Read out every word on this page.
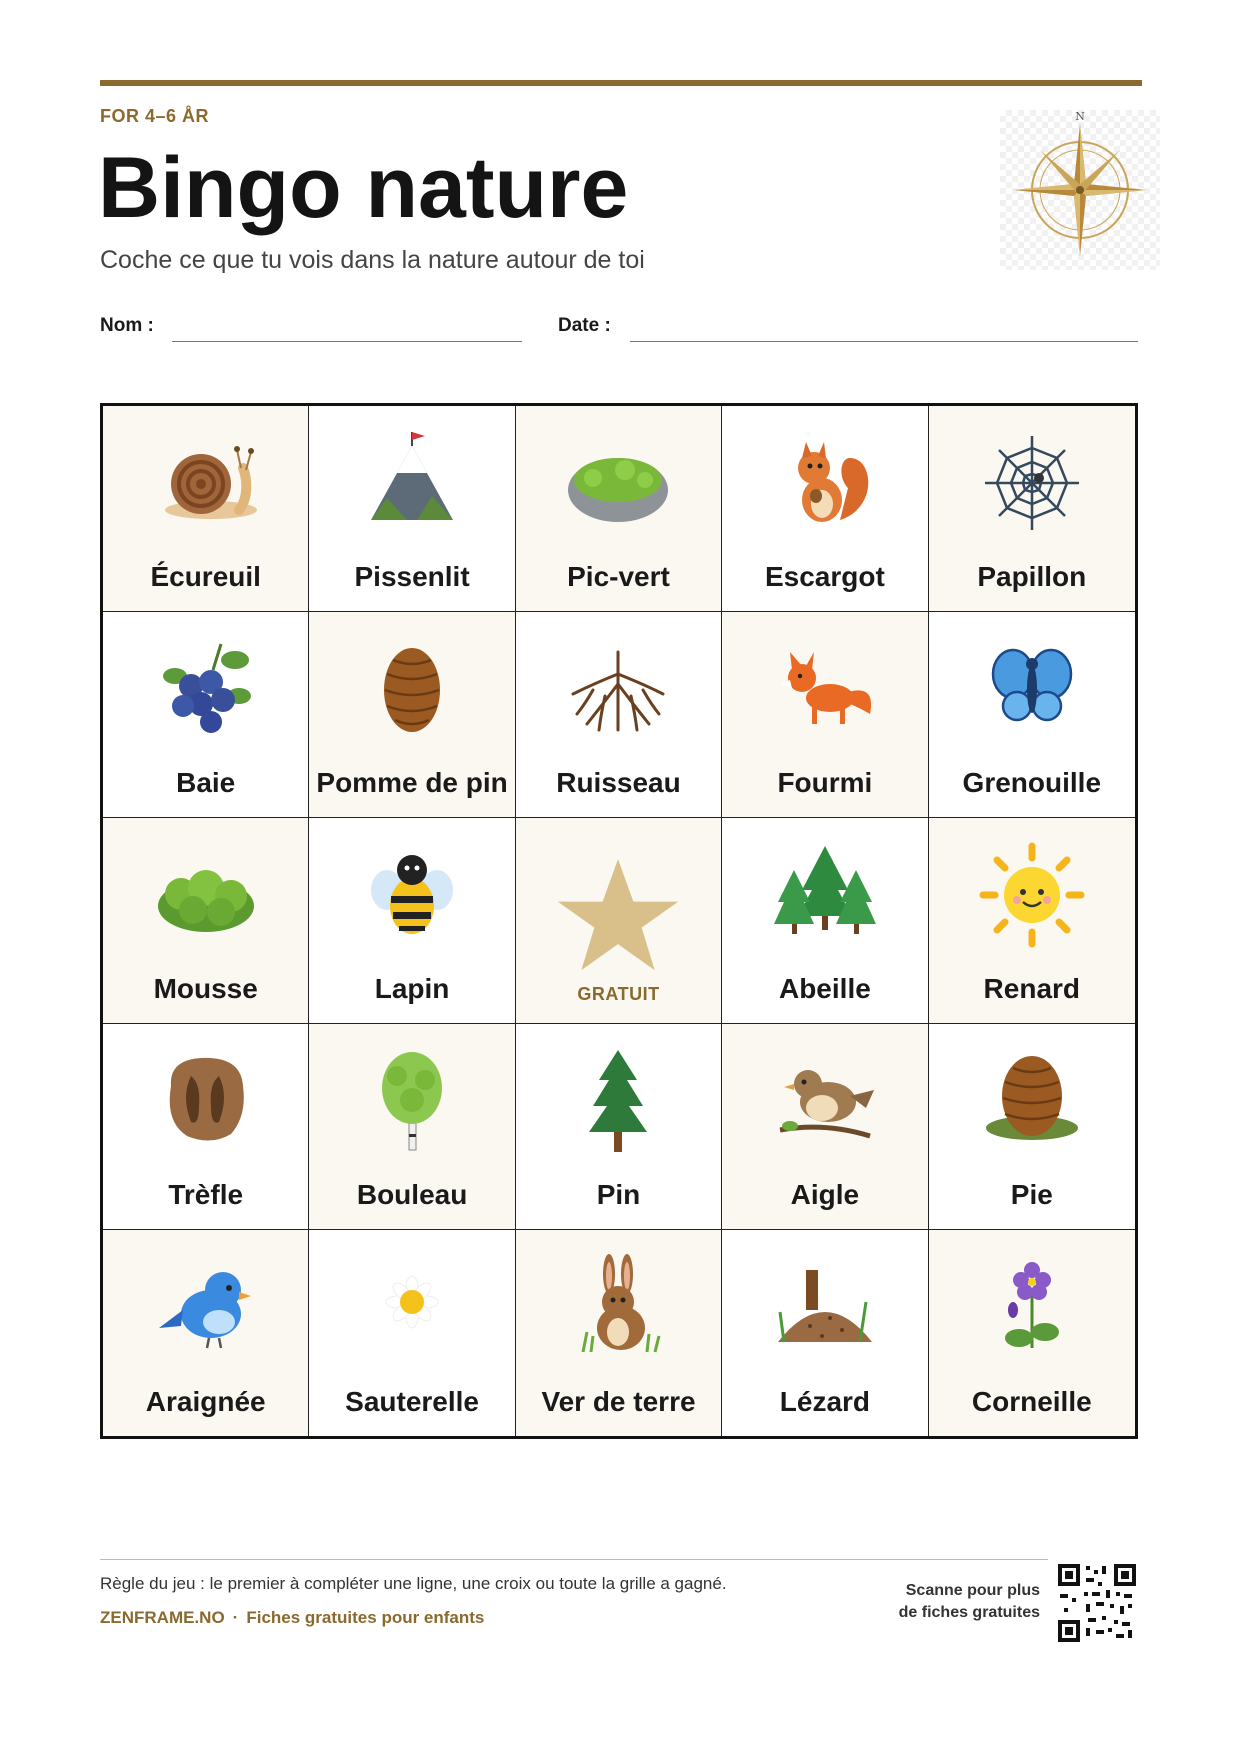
FOR 4–6 ÅR
Bingo nature
Coche ce que tu vois dans la nature autour de toi
N
Nom :	Date :
Écureuil	Pissenlit	Pic-vert	Escargot	Papillon
Baie	Pomme de pin	Ruisseau	Fourmi	Grenouille
Mousse	Lapin	GRATUIT	Abeille	Renard
Trèfle	Bouleau	Pin	Aigle	Pie
Araignée	Sauterelle	Ver de terre	Lézard	Corneille
Règle du jeu : le premier à compléter une ligne, une croix ou toute la grille a gagné.
ZENFRAME.NO · Fiches gratuites pour enfants
Scanne pour plus
de fiches gratuites
